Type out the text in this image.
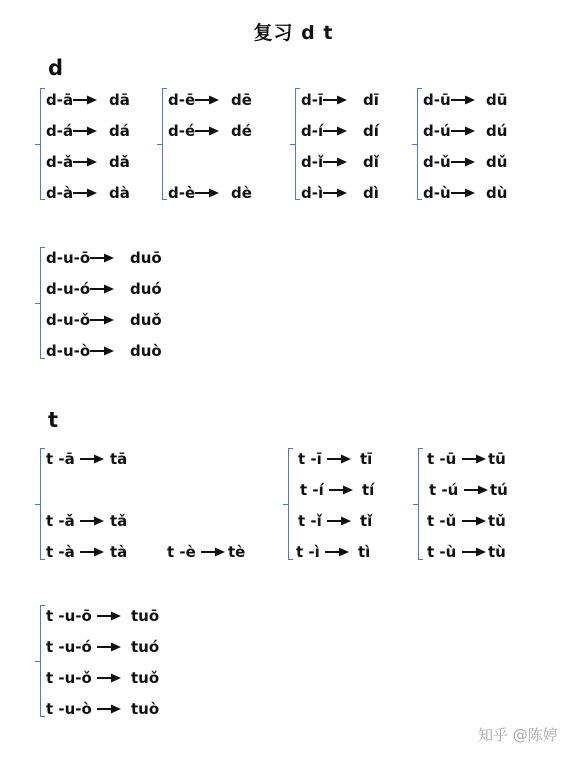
复习 d t
d
d-ā dā
d-á dá
d-ǎ dǎ
d-à dà
d-ē dē
d-é dé
d-è dè
d-ī	dī
d-í	dí
d-ǐ	dǐ
d-ì	dì
d-ū dū
d-ú dú
d-ǔ dǔ
d-ù dù
d-u-ō	duō
d-u-ó	duó
d-u-ǒ	duǒ
d-u-ò	duò
t
t -ā tā
t -ǎ tǎ
t -à tà	t -è tè
t -ī	tī
t -í	tí
t -ǐ	tǐ
t -ì	tì
t -ū tū
t -ú tú
t -ǔ tǔ
t -ù tù
t -u-ō	tuō
t -u-ó	tuó
t -u-ǒ	tuǒ
t -u-ò	tuò
知乎 @陈婷
